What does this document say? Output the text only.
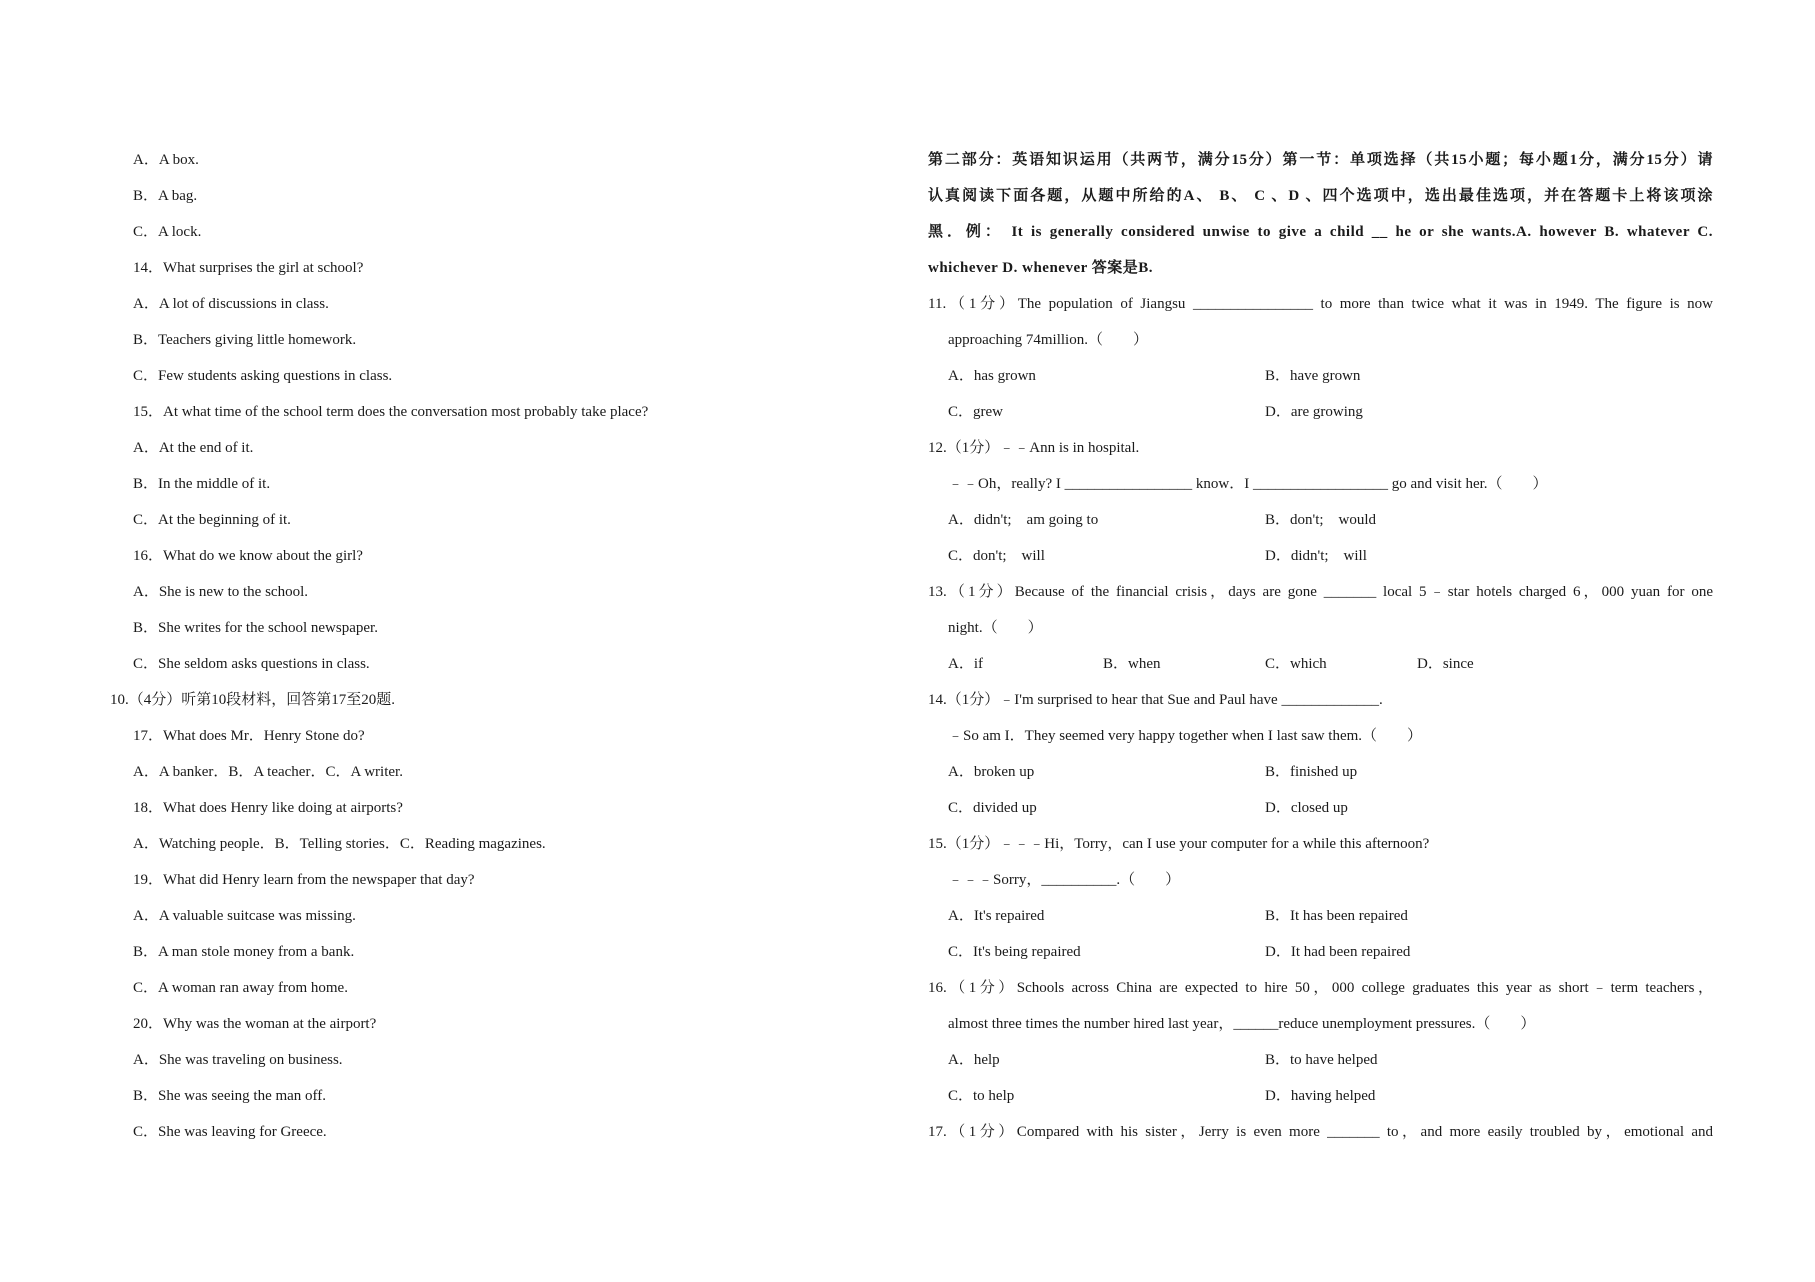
A．A box.
B．A bag.
C．A lock.
14．What surprises the girl at school?
A．A lot of discussions in class.
B．Teachers giving little homework.
C．Few students asking questions in class.
15．At what time of the school term does the conversation most probably take place?
A．At the end of it.
B．In the middle of it.
C．At the beginning of it.
16．What do we know about the girl?
A．She is new to the school.
B．She writes for the school newspaper.
C．She seldom asks questions in class.
10.（4分）听第10段材料，回答第17至20题.
17．What does Mr．Henry Stone do?
A．A banker．B．A teacher．C．A writer.
18．What does Henry like doing at airports?
A．Watching people．B．Telling stories．C．Reading magazines.
19．What did Henry learn from the newspaper that day?
A．A valuable suitcase was missing.
B．A man stole money from a bank.
C．A woman ran away from home.
20．Why was the woman at the airport?
A．She was traveling on business.
B．She was seeing the man off.
C．She was leaving for Greece.
第二部分：英语知识运用（共两节，满分15分）第一节：单项选择（共15小题；每小题1分，满分15分）请
认真阅读下面各题，从题中所给的A、 B、 C 、D 、四个选项中，选出最佳选项，并在答题卡上将该项涂
黑．例： It is generally considered unwise to give a child __ he or she wants.A. however B. whatever C.
whichever D. whenever 答案是B.
11.（1分）The population of Jiangsu ________________ to more than twice what it was in 1949. The figure is now
approaching 74million.（　　）
A．has grown	B．have grown
C．grew	D．are growing
12.（1分）﹣﹣Ann is in hospital.
﹣﹣Oh，really? I _________________ know．I __________________ go and visit her.（　　）
A．didn't;　am going to	B．don't;　would
C．don't;　will	D．didn't;　will
13.（1分）Because of the financial crisis，days are gone _______ local 5﹣star hotels charged 6，000 yuan for one
night.（　　）
A．if	B．when	C．which	D．since
14.（1分）﹣I'm surprised to hear that Sue and Paul have _____________.
﹣So am I．They seemed very happy together when I last saw them.（　　）
A．broken up	B．finished up
C．divided up	D．closed up
15.（1分）﹣﹣﹣Hi，Torry，can I use your computer for a while this afternoon?
﹣﹣﹣Sorry，__________.（　　）
A．It's repaired	B．It has been repaired
C．It's being repaired	D．It had been repaired
16.（1分）Schools across China are expected to hire 50，000 college graduates this year as short﹣term teachers，
almost three times the number hired last year，______reduce unemployment pressures.（　　）
A．help	B．to have helped
C．to help	D．having helped
17.（1分）Compared with his sister，Jerry is even more _______ to，and more easily troubled by，emotional and
